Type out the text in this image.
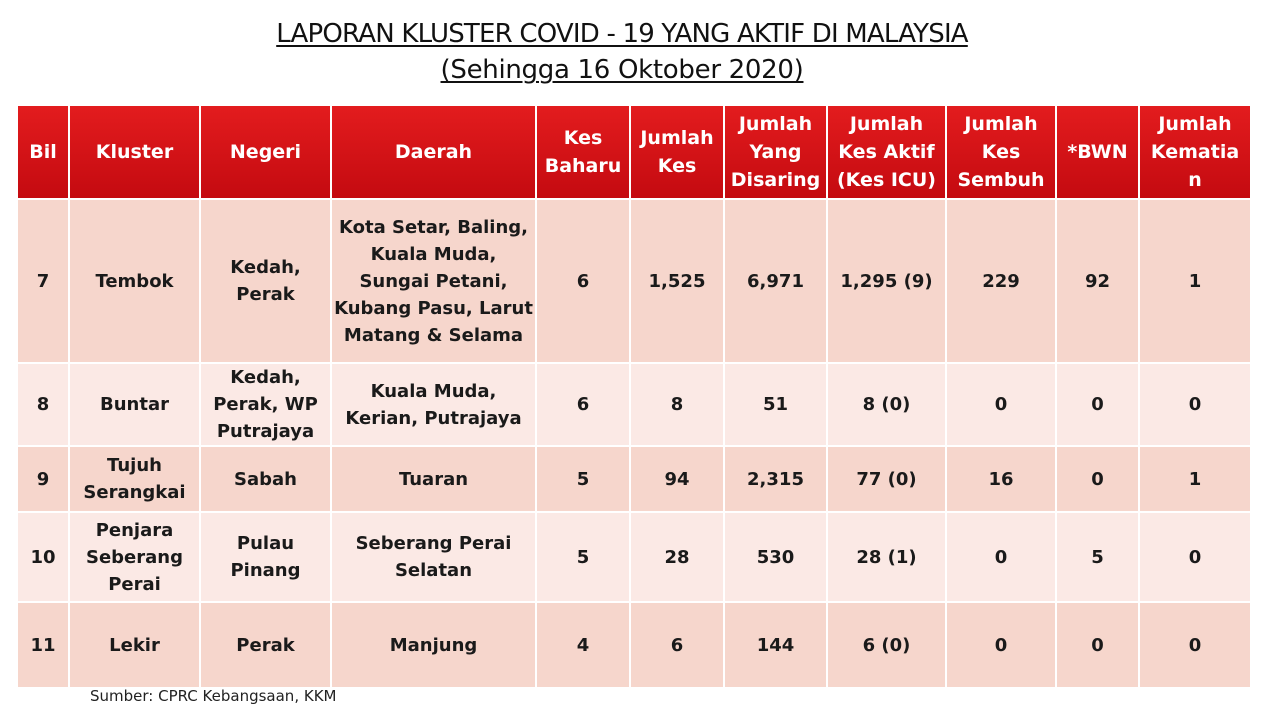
LAPORAN KLUSTER COVID - 19 YANG AKTIF DI MALAYSIA
(Sehingga 16 Oktober 2020)
Bil	Kluster	Negeri	Daerah	Kes Baharu	Jumlah Kes	Jumlah Yang Disaring	Jumlah Kes Aktif (Kes ICU)	Jumlah Kes Sembuh	*BWN	Jumlah Kematia n
7	Tembok	Kedah, Perak	Kota Setar, Baling, Kuala Muda, Sungai Petani, Kubang Pasu, Larut Matang & Selama	6	1,525	6,971	1,295 (9)	229	92	1
8	Buntar	Kedah, Perak, WP Putrajaya	Kuala Muda, Kerian, Putrajaya	6	8	51	8 (0)	0	0	0
9	Tujuh Serangkai	Sabah	Tuaran	5	94	2,315	77 (0)	16	0	1
10	Penjara Seberang Perai	Pulau Pinang	Seberang Perai Selatan	5	28	530	28 (1)	0	5	0
11	Lekir	Perak	Manjung	4	6	144	6 (0)	0	0	0
Sumber: CPRC Kebangsaan, KKM
